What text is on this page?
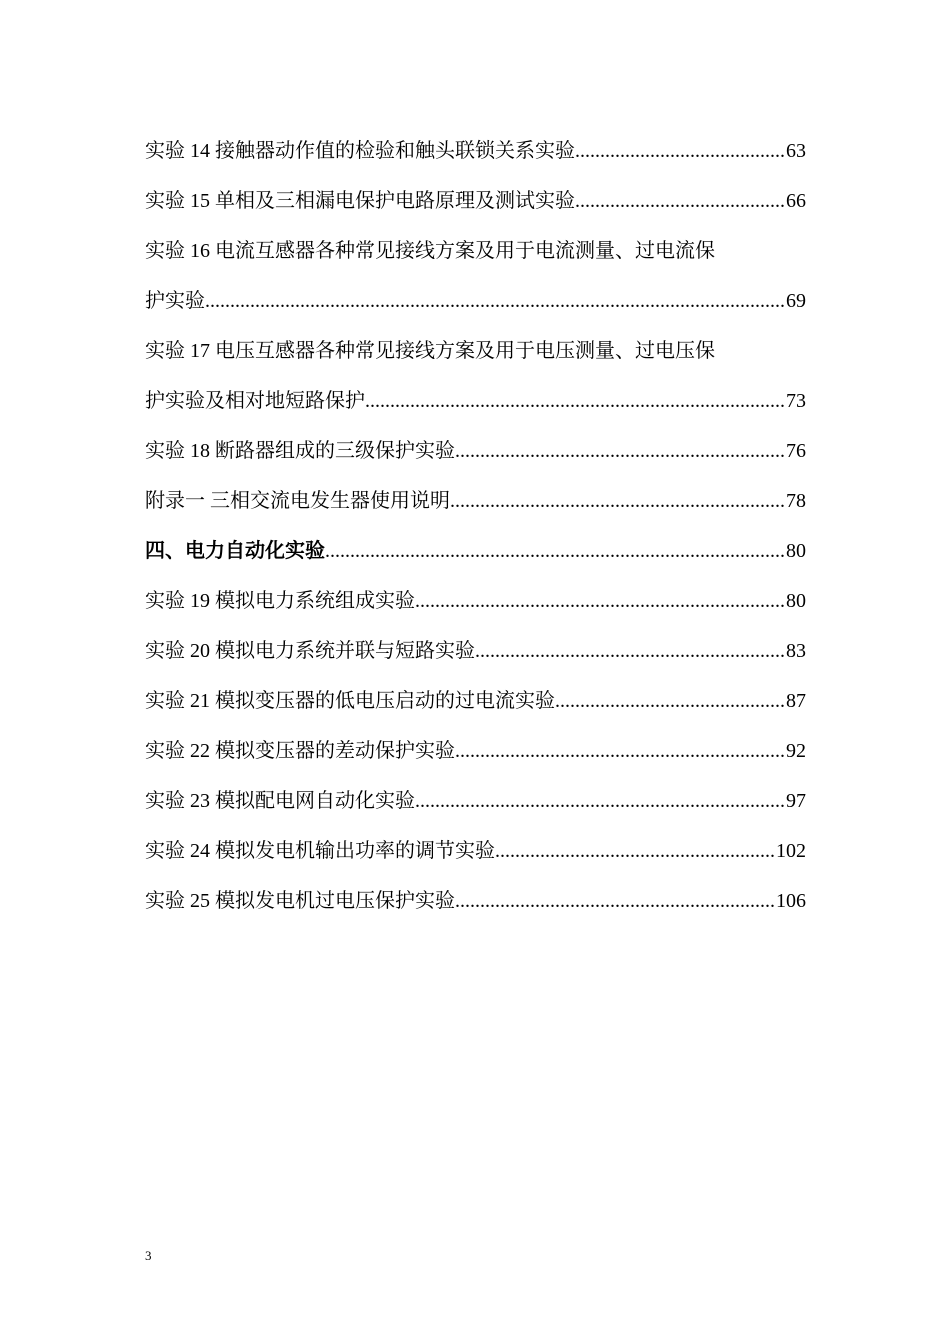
实验 14 接触器动作值的检验和触头联锁关系实验 .....	63
实验 15 单相及三相漏电保护电路原理及测试实验 .....	66
实验 16 电流互感器各种常见接线方案及用于电流测量、过电流保
护实验 .....	69
实验 17 电压互感器各种常见接线方案及用于电压测量、过电压保
护实验及相对地短路保护 .....	73
实验 18 断路器组成的三级保护实验 .....	76
附录一 三相交流电发生器使用说明 .....	78
四、电力自动化实验 .....	80
实验 19 模拟电力系统组成实验 .....	80
实验 20 模拟电力系统并联与短路实验 .....	83
实验 21 模拟变压器的低电压启动的过电流实验 .....	87
实验 22 模拟变压器的差动保护实验 .....	92
实验 23 模拟配电网自动化实验 .....	97
实验 24 模拟发电机输出功率的调节实验 .....	102
实验 25 模拟发电机过电压保护实验 .....	106
3
